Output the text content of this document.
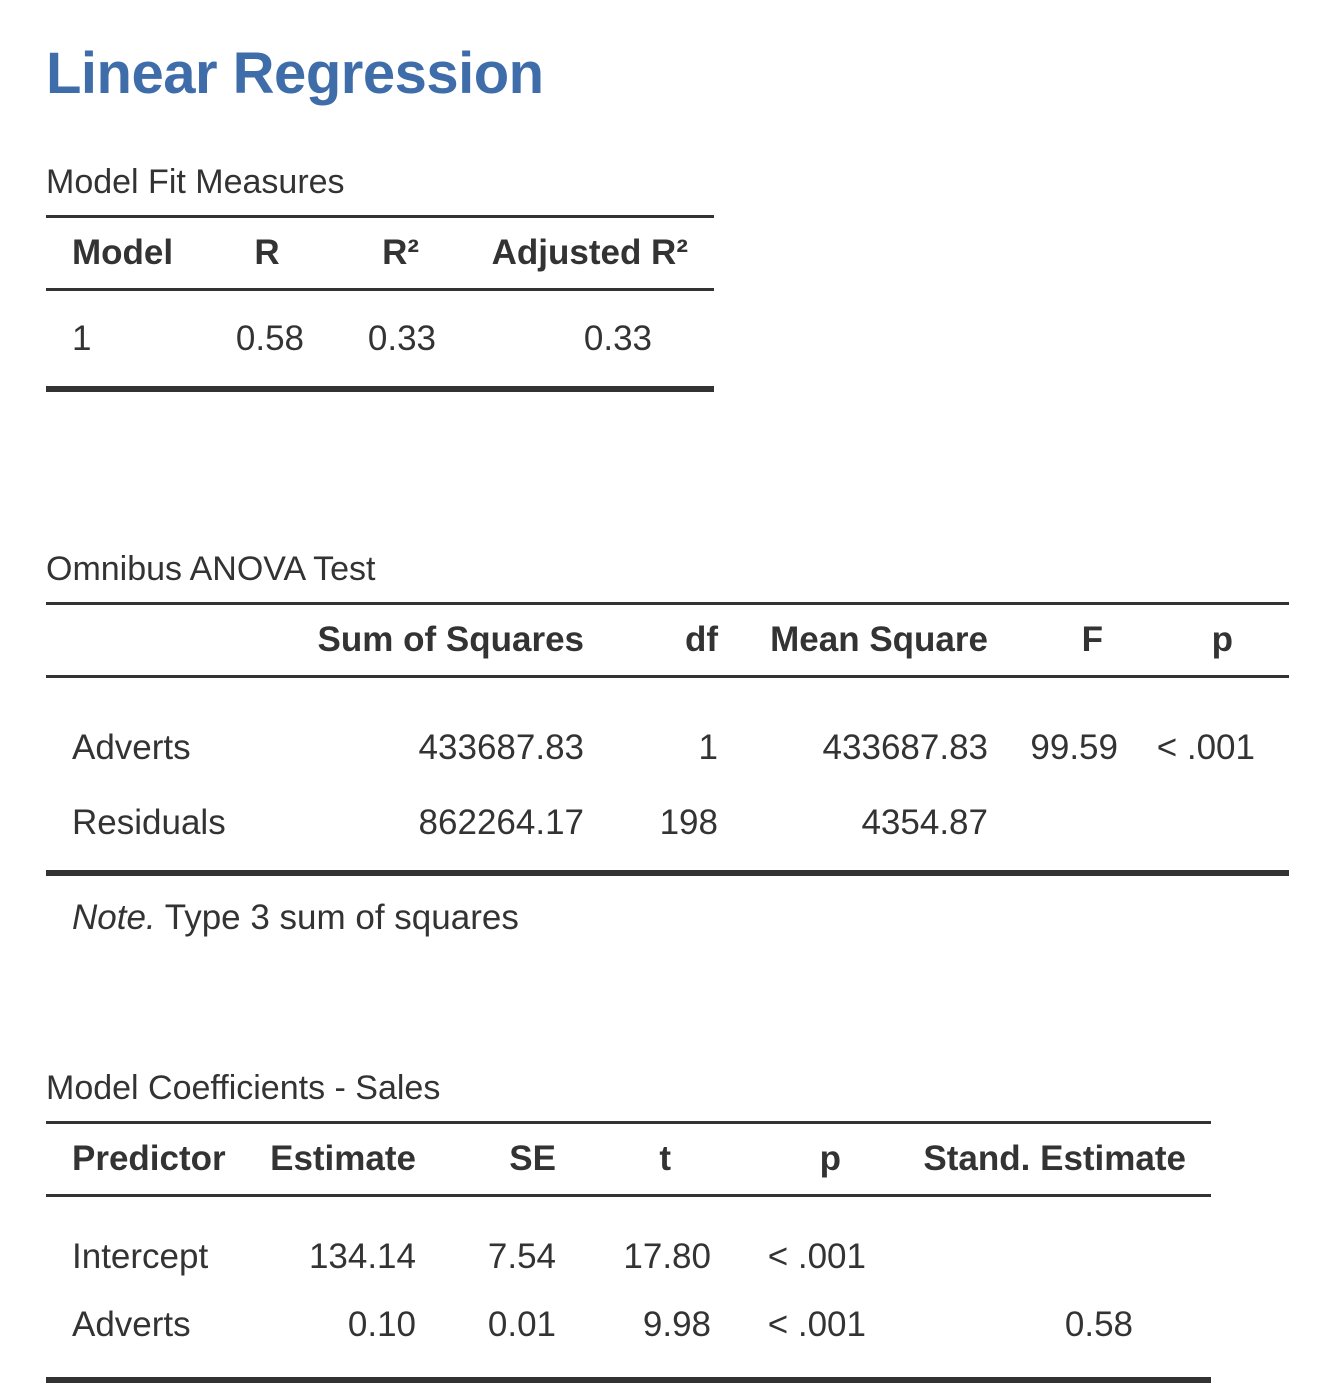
Linear Regression
Model Fit Measures
Model	R	R²	Adjusted R²
1	0.58	0.33	0.33

Omnibus ANOVA Test
	Sum of Squares	df	Mean Square	F	p
Adverts	433687.83	1	433687.83	99.59	< .001
Residuals	862264.17	198	4354.87		

Note. Type 3 sum of squares
Model Coefficients - Sales
Predictor	Estimate	SE	t	p	Stand. Estimate
Intercept	134.14	7.54	17.80	< .001	
Adverts	0.10	0.01	9.98	< .001	0.58
